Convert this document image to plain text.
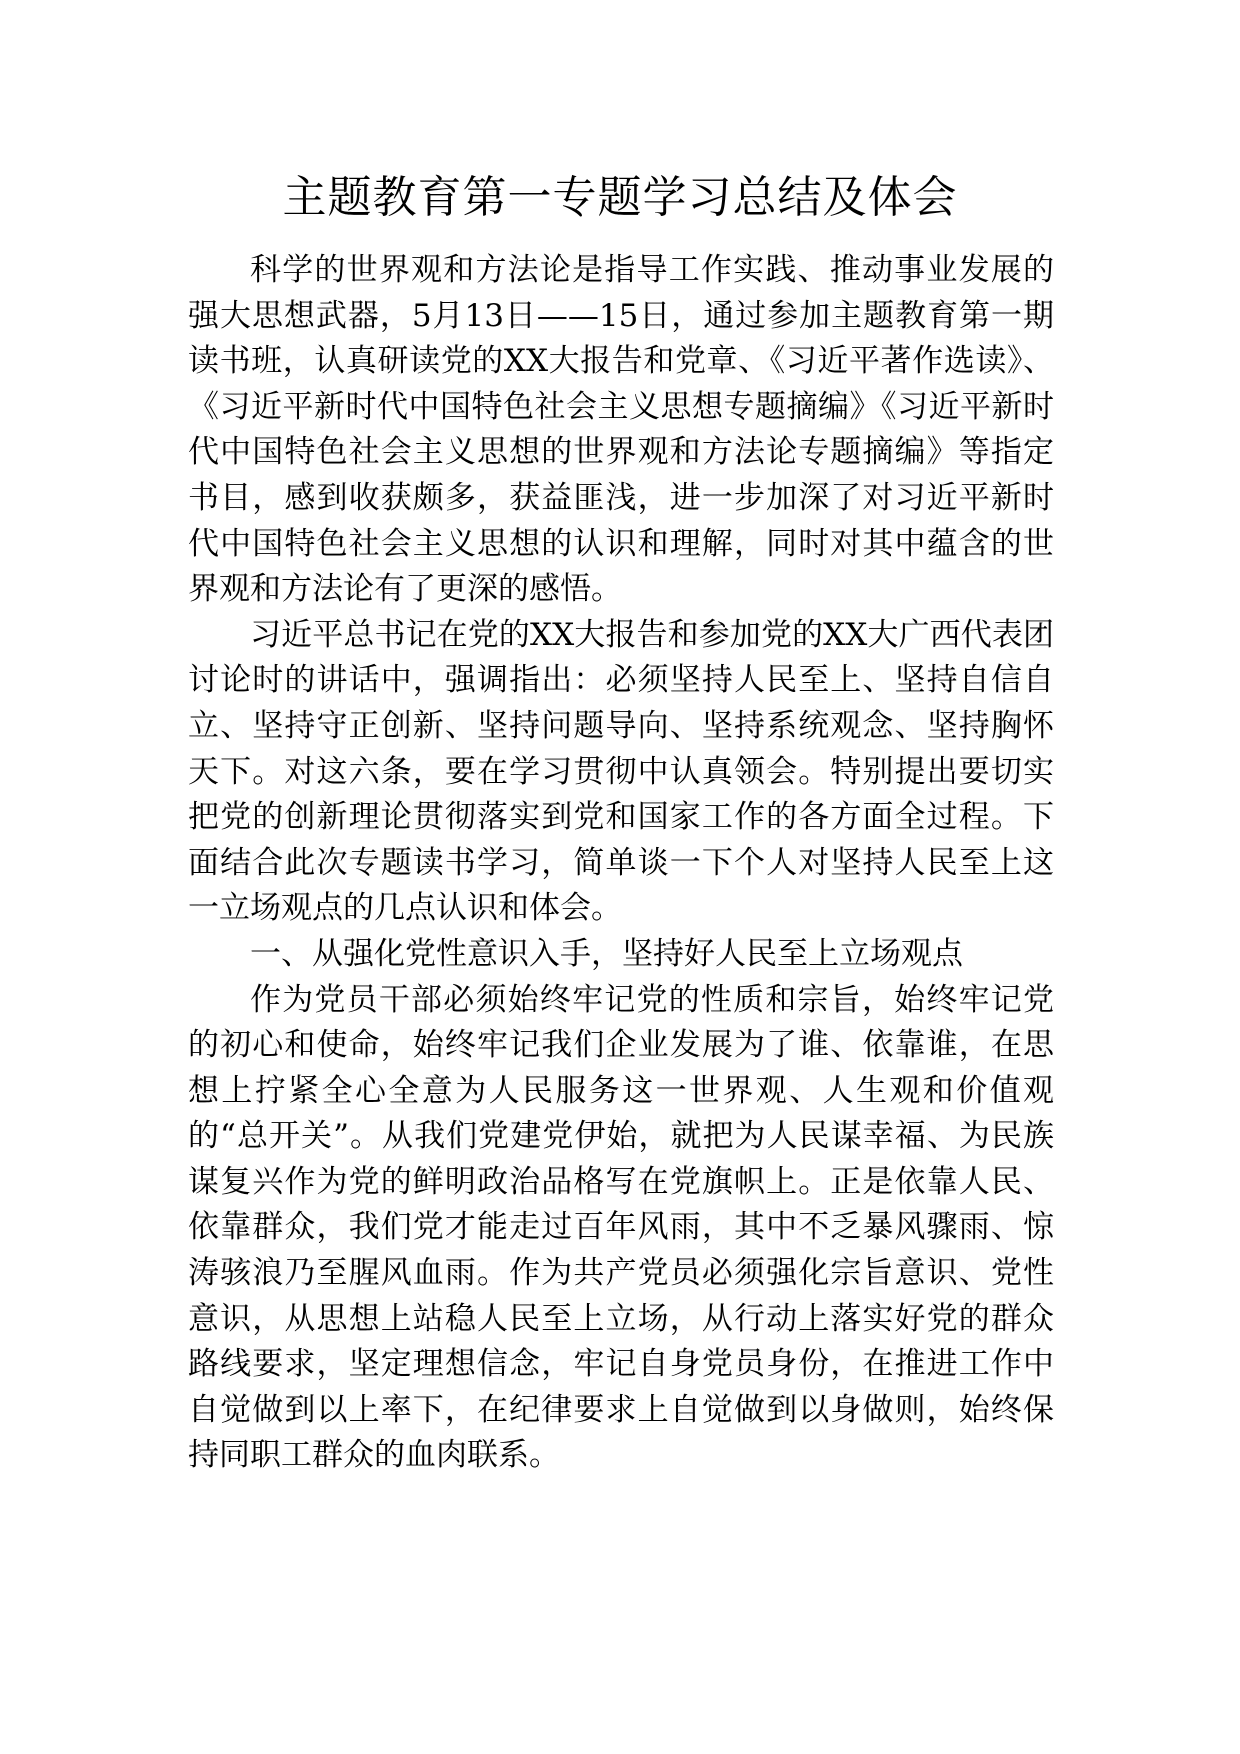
主题教育第一专题学习总结及体会

科学的世界观和方法论是指导工作实践、推动事业发展的强大思想武器，5月13日——15日，通过参加主题教育第一期读书班，认真研读党的XX大报告和党章、《习近平著作选读》、《习近平新时代中国特色社会主义思想专题摘编》《习近平新时代中国特色社会主义思想的世界观和方法论专题摘编》等指定书目，感到收获颇多，获益匪浅，进一步加深了对习近平新时代中国特色社会主义思想的认识和理解，同时对其中蕴含的世界观和方法论有了更深的感悟。

习近平总书记在党的XX大报告和参加党的XX大广西代表团讨论时的讲话中，强调指出：必须坚持人民至上、坚持自信自立、坚持守正创新、坚持问题导向、坚持系统观念、坚持胸怀天下。对这六条，要在学习贯彻中认真领会。特别提出要切实把党的创新理论贯彻落实到党和国家工作的各方面全过程。下面结合此次专题读书学习，简单谈一下个人对坚持人民至上这一立场观点的几点认识和体会。

一、从强化党性意识入手，坚持好人民至上立场观点

作为党员干部必须始终牢记党的性质和宗旨，始终牢记党的初心和使命，始终牢记我们企业发展为了谁、依靠谁，在思想上拧紧全心全意为人民服务这一世界观、人生观和价值观的“总开关”。从我们党建党伊始，就把为人民谋幸福、为民族谋复兴作为党的鲜明政治品格写在党旗帜上。正是依靠人民、依靠群众，我们党才能走过百年风雨，其中不乏暴风骤雨、惊涛骇浪乃至腥风血雨。作为共产党员必须强化宗旨意识、党性意识，从思想上站稳人民至上立场，从行动上落实好党的群众路线要求，坚定理想信念，牢记自身党员身份，在推进工作中自觉做到以上率下，在纪律要求上自觉做到以身做则，始终保持同职工群众的血肉联系。
